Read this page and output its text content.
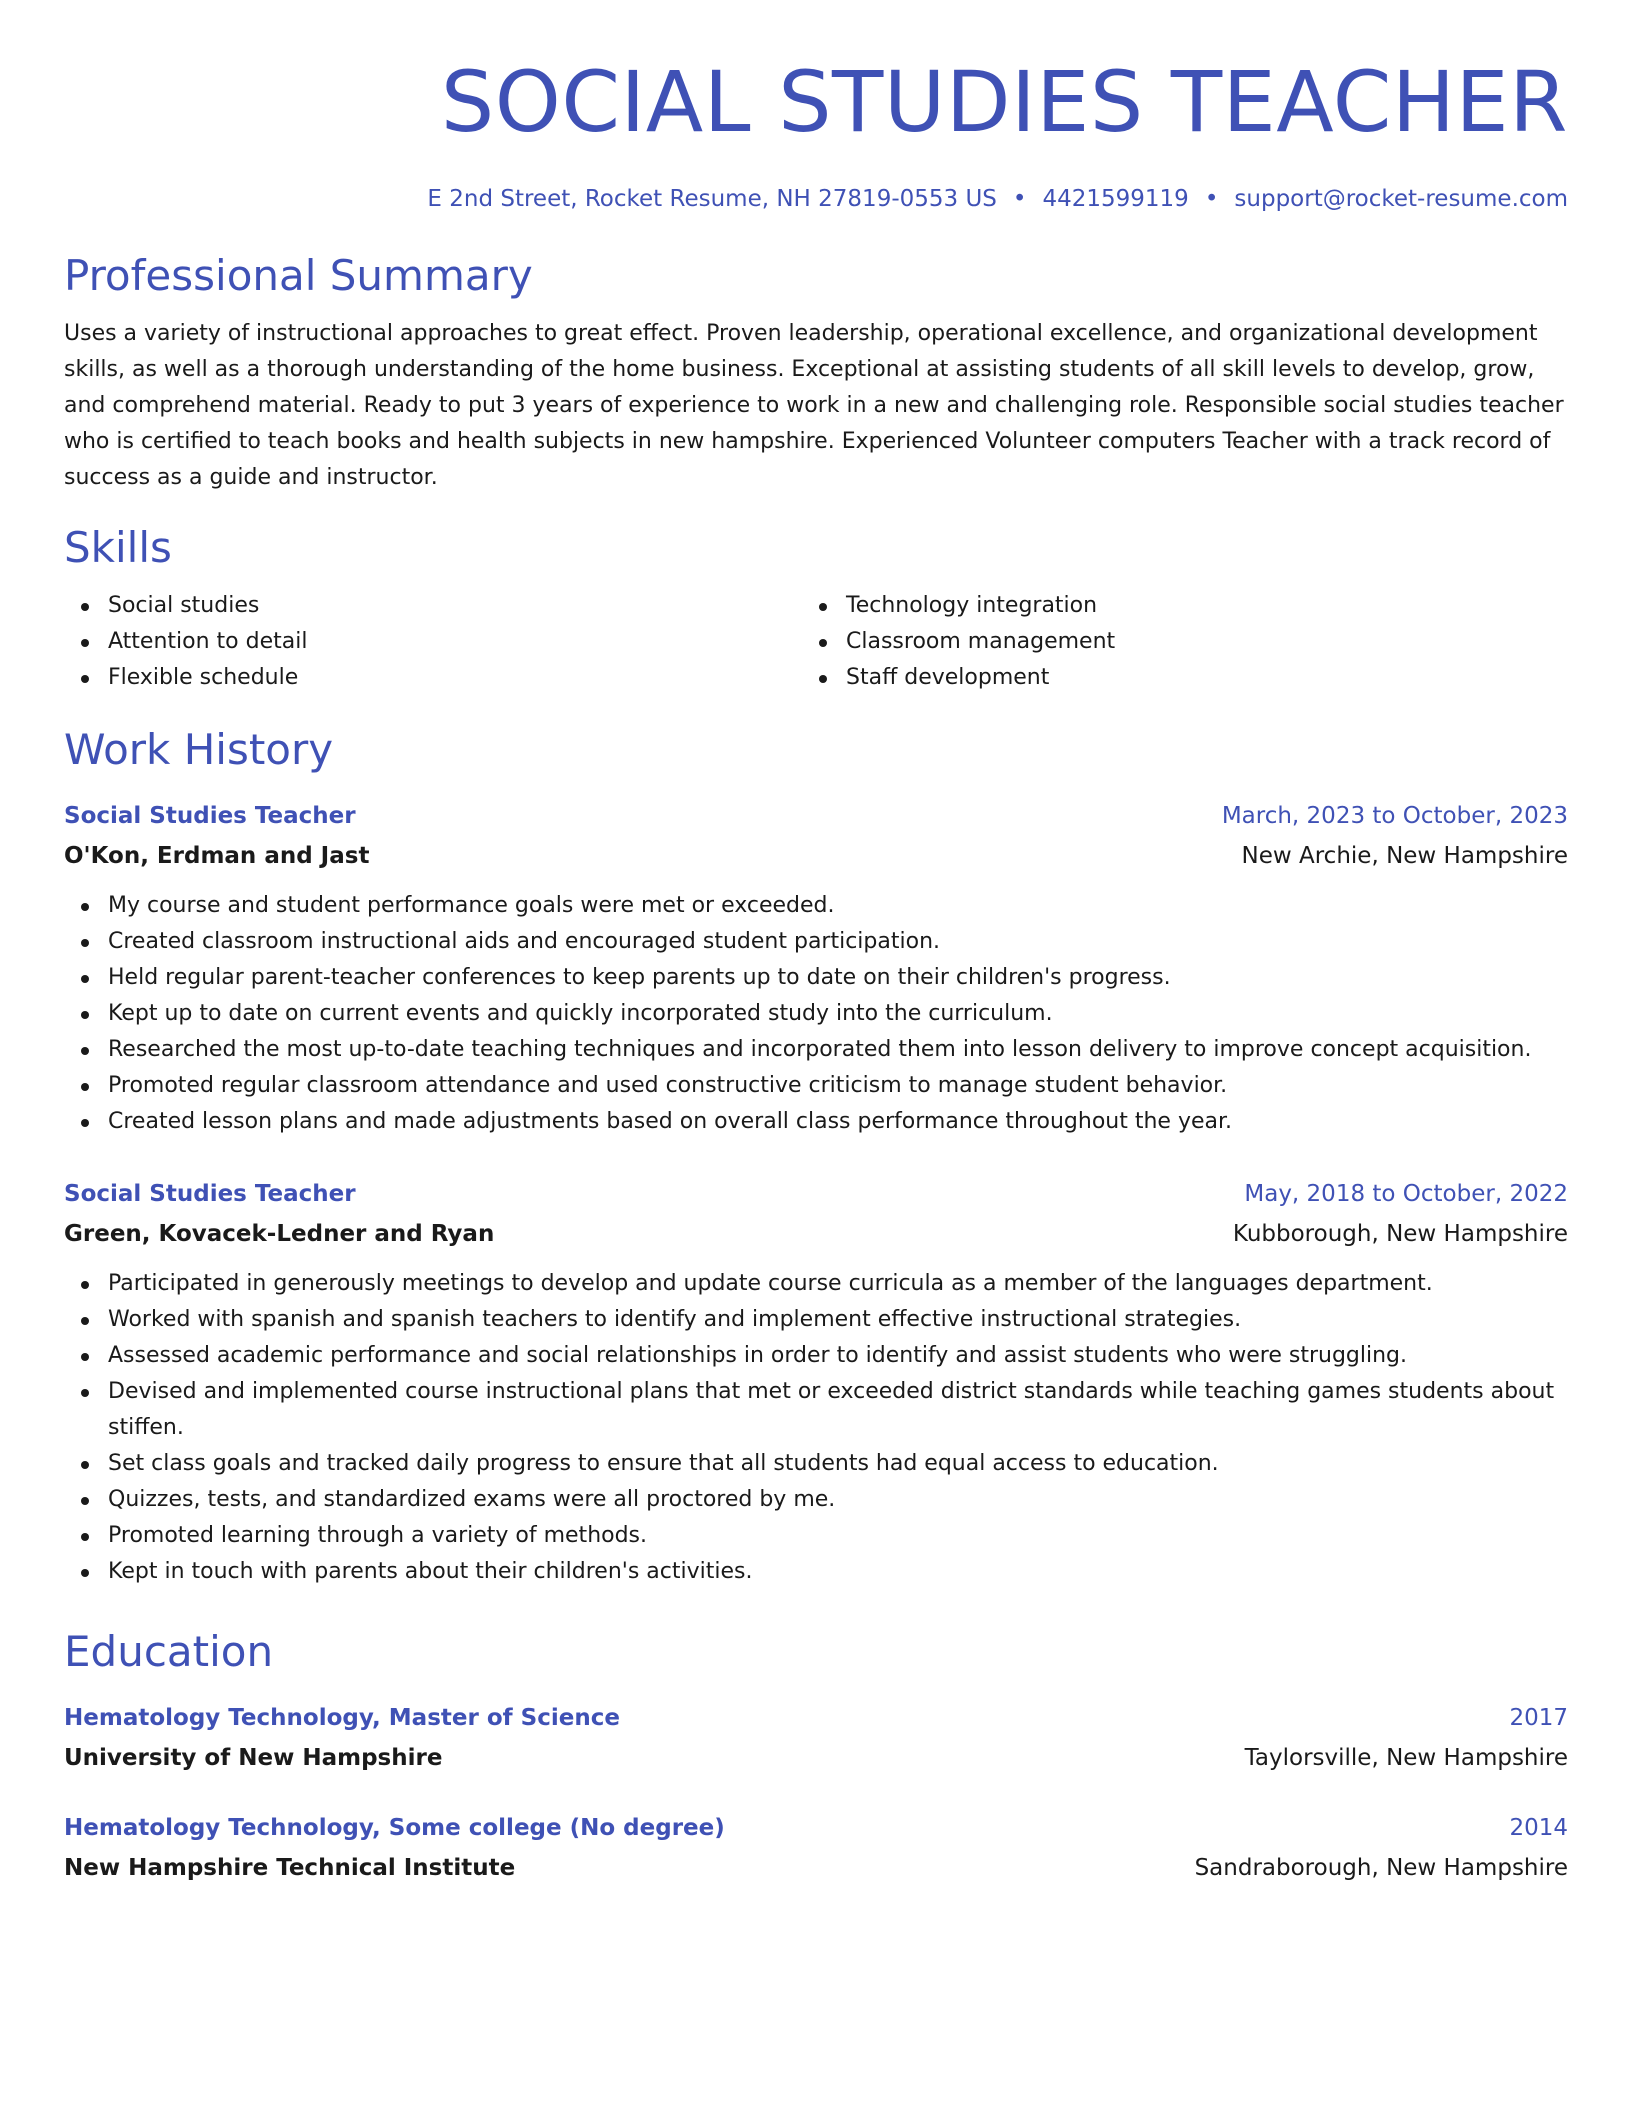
SOCIAL STUDIES TEACHER
E 2nd Street, Rocket Resume, NH 27819-0553 US • 4421599119 • support@rocket-resume.com
Professional Summary
Uses a variety of instructional approaches to great effect. Proven leadership, operational excellence, and organizational development skills, as well as a thorough understanding of the home business. Exceptional at assisting students of all skill levels to develop, grow, and comprehend material. Ready to put 3 years of experience to work in a new and challenging role. Responsible social studies teacher who is certified to teach books and health subjects in new hampshire. Experienced Volunteer computers Teacher with a track record of success as a guide and instructor.
Skills
Social studies
Attention to detail
Flexible schedule
Technology integration
Classroom management
Staff development
Work History
Social Studies Teacher	March, 2023 to October, 2023
O'Kon, Erdman and Jast	New Archie, New Hampshire
My course and student performance goals were met or exceeded.
Created classroom instructional aids and encouraged student participation.
Held regular parent-teacher conferences to keep parents up to date on their children's progress.
Kept up to date on current events and quickly incorporated study into the curriculum.
Researched the most up-to-date teaching techniques and incorporated them into lesson delivery to improve concept acquisition.
Promoted regular classroom attendance and used constructive criticism to manage student behavior.
Created lesson plans and made adjustments based on overall class performance throughout the year.
Social Studies Teacher	May, 2018 to October, 2022
Green, Kovacek-Ledner and Ryan	Kubborough, New Hampshire
Participated in generously meetings to develop and update course curricula as a member of the languages department.
Worked with spanish and spanish teachers to identify and implement effective instructional strategies.
Assessed academic performance and social relationships in order to identify and assist students who were struggling.
Devised and implemented course instructional plans that met or exceeded district standards while teaching games students about stiffen.
Set class goals and tracked daily progress to ensure that all students had equal access to education.
Quizzes, tests, and standardized exams were all proctored by me.
Promoted learning through a variety of methods.
Kept in touch with parents about their children's activities.
Education
Hematology Technology, Master of Science	2017
University of New Hampshire	Taylorsville, New Hampshire
Hematology Technology, Some college (No degree)	2014
New Hampshire Technical Institute	Sandraborough, New Hampshire
